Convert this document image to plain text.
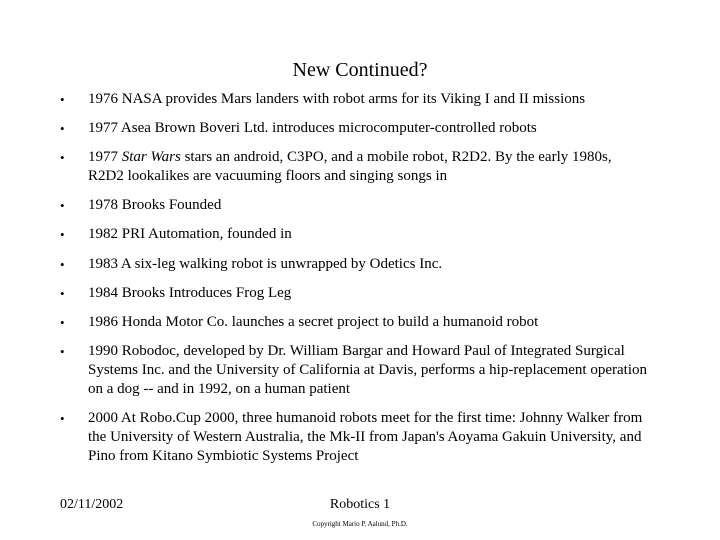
New Continued?
• 1976 NASA provides Mars landers with robot arms for its Viking I and II missions
• 1977 Asea Brown Boveri Ltd. introduces microcomputer-controlled robots
• 1977 Star Wars stars an android, C3PO, and a mobile robot, R2D2. By the early 1980s, R2D2 lookalikes are vacuuming floors and singing songs in
• 1978 Brooks Founded
• 1982 PRI Automation, founded in
• 1983 A six-leg walking robot is unwrapped by Odetics Inc.
• 1984 Brooks Introduces Frog Leg
• 1986 Honda Motor Co. launches a secret project to build a humanoid robot
• 1990 Robodoc, developed by Dr. William Bargar and Howard Paul of Integrated Surgical Systems Inc. and the University of California at Davis, performs a hip-replacement operation on a dog -- and in 1992, on a human patient
• 2000 At Robo.Cup 2000, three humanoid robots meet for the first time: Johnny Walker from the University of Western Australia, the Mk-II from Japan's Aoyama Gakuin University, and Pino from Kitano Symbiotic Systems Project
02/11/2002	Robotics 1
Copyright Mario P. Aalund, Ph.D.
